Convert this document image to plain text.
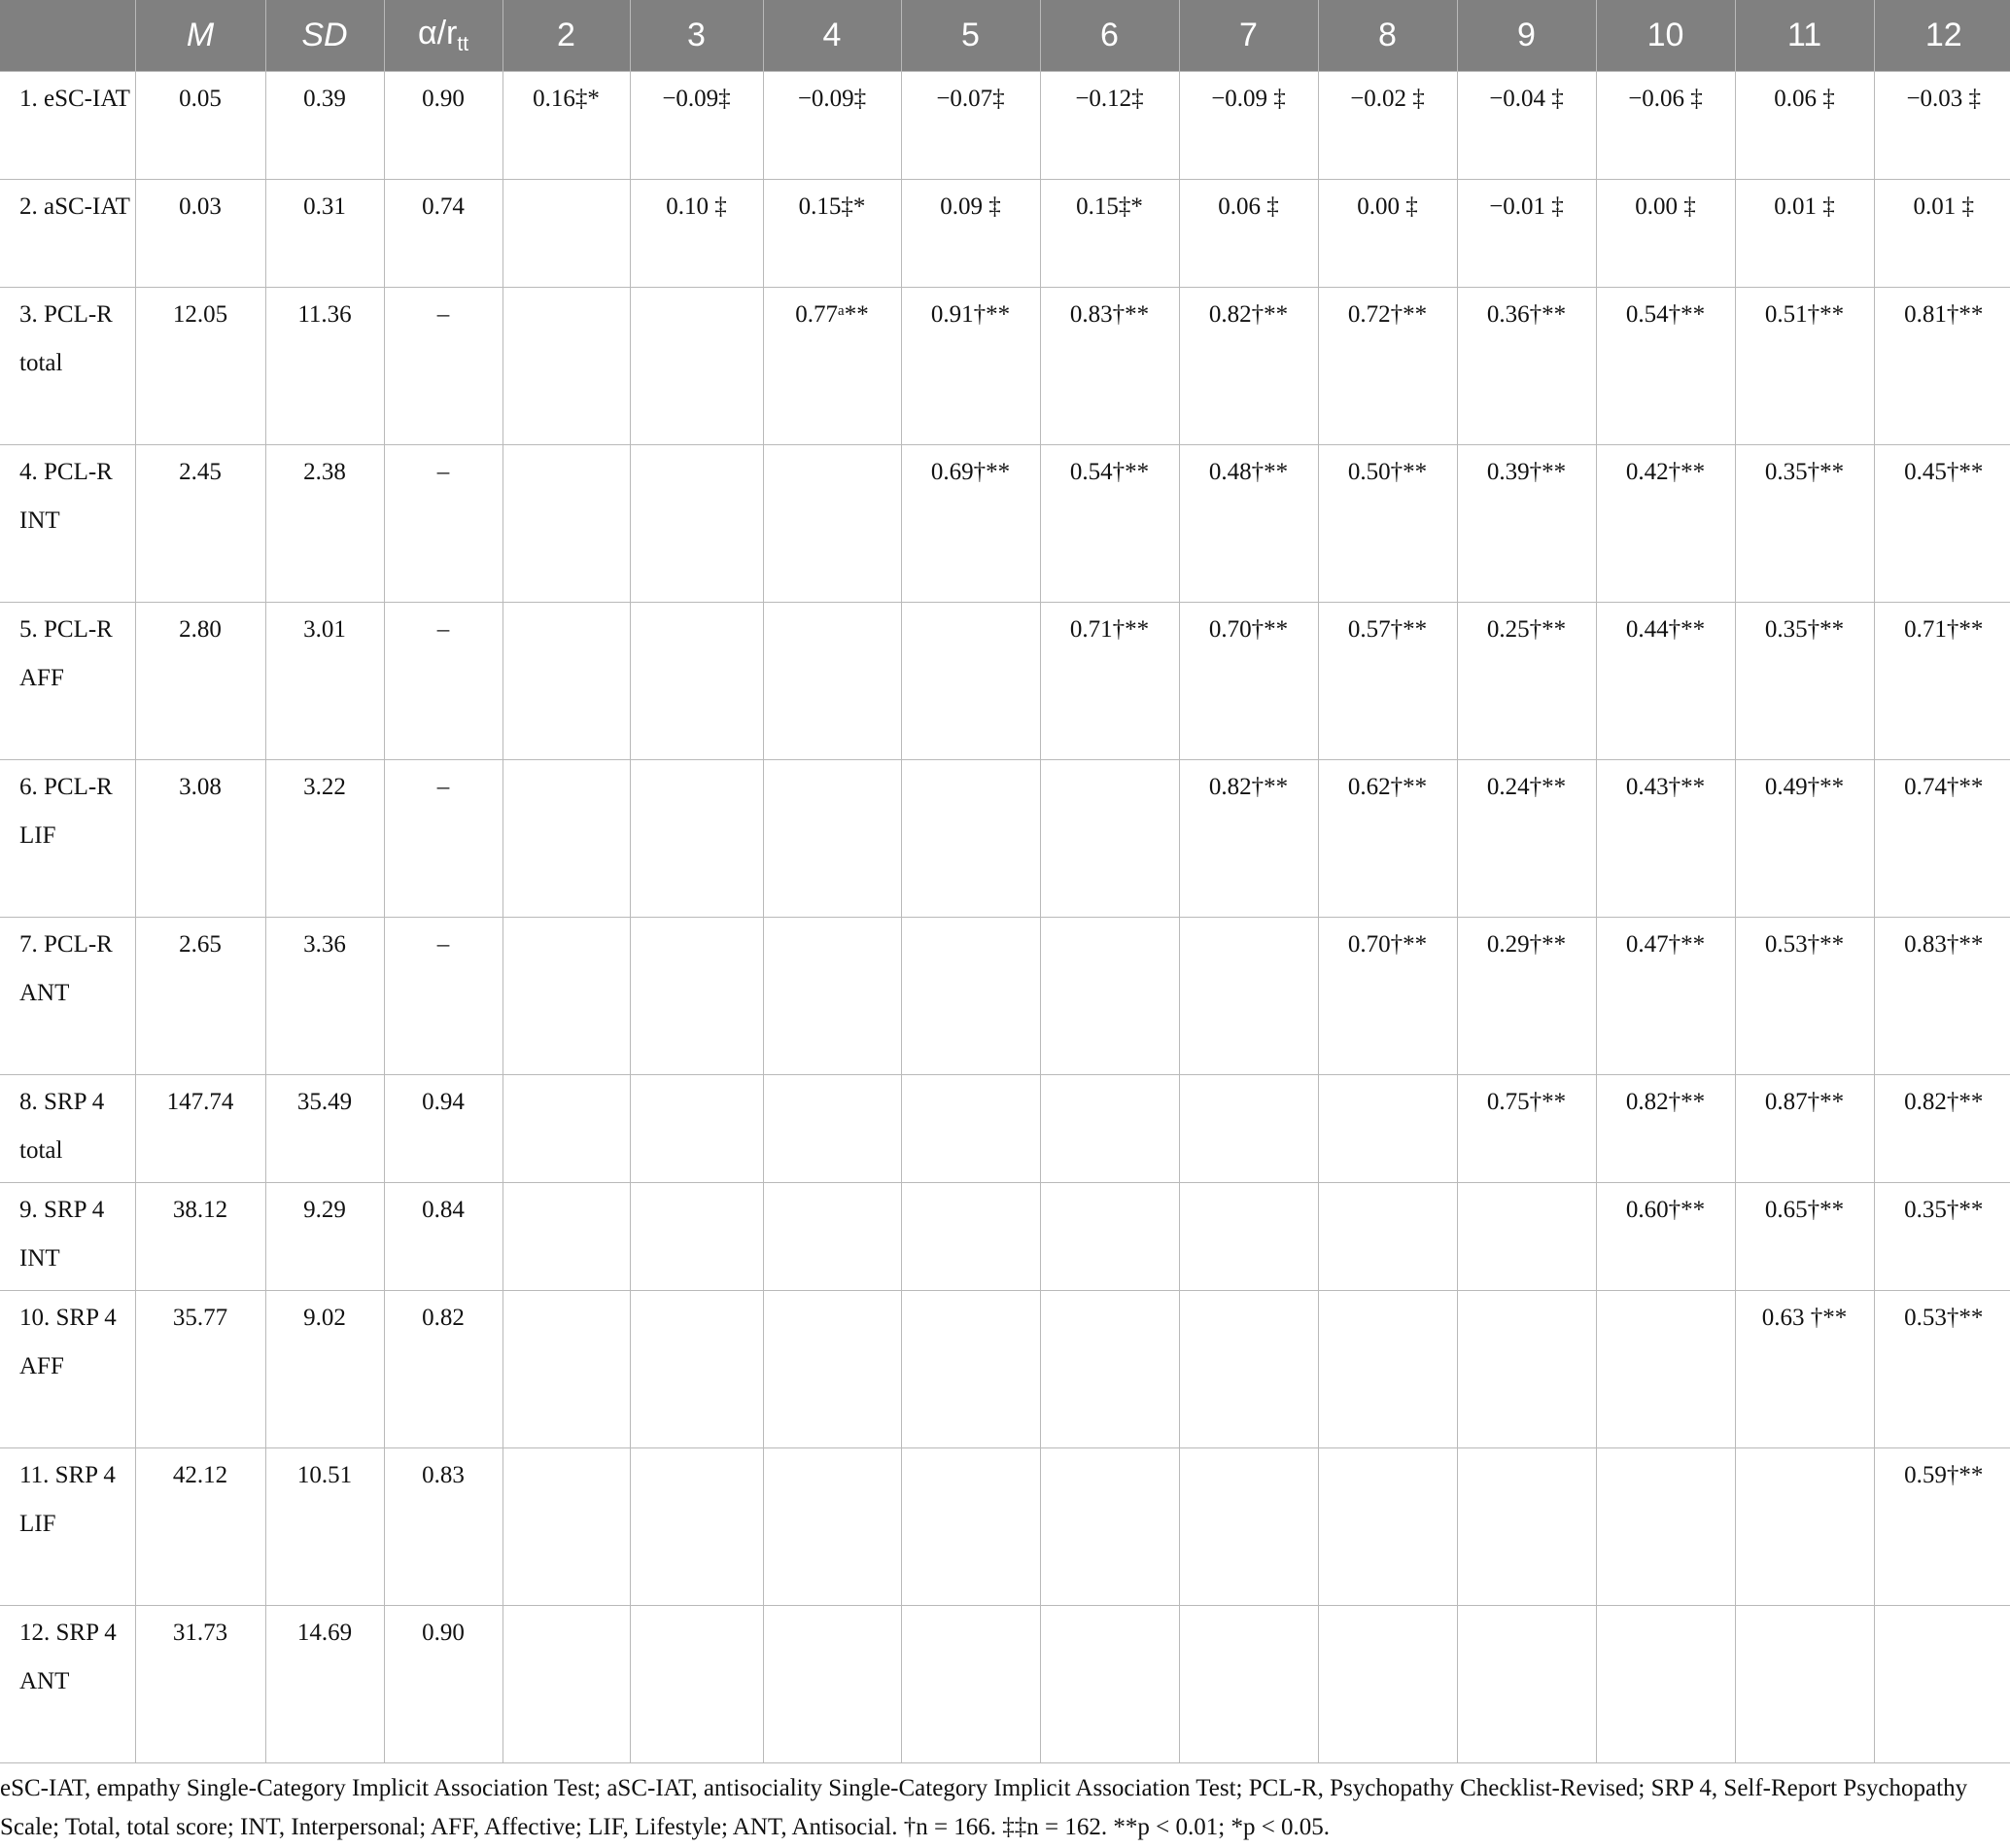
	M	SD	$\alpha/r_{tt}$	2	3	4	5	6	7	8	9	10	11	12
1. eSC-IAT	0.05	0.39	0.90	0.16‡*	−0.09‡	−0.09‡	−0.07‡	−0.12‡	−0.09 ‡	−0.02 ‡	−0.04 ‡	−0.06 ‡	0.06 ‡	−0.03 ‡
2. aSC-IAT	0.03	0.31	0.74		0.10 ‡	0.15‡*	0.09 ‡	0.15‡*	0.06 ‡	0.00 ‡	−0.01 ‡	0.00 ‡	0.01 ‡	0.01 ‡
3. PCL-R total	12.05	11.36	–			0.77ᵃ**	0.91†**	0.83†**	0.82†**	0.72†**	0.36†**	0.54†**	0.51†**	0.81†**
4. PCL-R INT	2.45	2.38	–				0.69†**	0.54†**	0.48†**	0.50†**	0.39†**	0.42†**	0.35†**	0.45†**
5. PCL-R AFF	2.80	3.01	–					0.71†**	0.70†**	0.57†**	0.25†**	0.44†**	0.35†**	0.71†**
6. PCL-R LIF	3.08	3.22	–						0.82†**	0.62†**	0.24†**	0.43†**	0.49†**	0.74†**
7. PCL-R ANT	2.65	3.36	–							0.70†**	0.29†**	0.47†**	0.53†**	0.83†**
8. SRP 4 total	147.74	35.49	0.94								0.75†**	0.82†**	0.87†**	0.82†**
9. SRP 4 INT	38.12	9.29	0.84									0.60†**	0.65†**	0.35†**
10. SRP 4 AFF	35.77	9.02	0.82										0.63 †**	0.53†**
11. SRP 4 LIF	42.12	10.51	0.83											0.59†**
12. SRP 4 ANT	31.73	14.69	0.90											
eSC-IAT, empathy Single-Category Implicit Association Test; aSC-IAT, antisociality Single-Category Implicit Association Test; PCL-R, Psychopathy Checklist-Revised; SRP 4, Self-Report Psychopathy Scale; Total, total score; INT, Interpersonal; AFF, Affective; LIF, Lifestyle; ANT, Antisocial. †n = 166. ‡‡n = 162. **p < 0.01; *p < 0.05.
